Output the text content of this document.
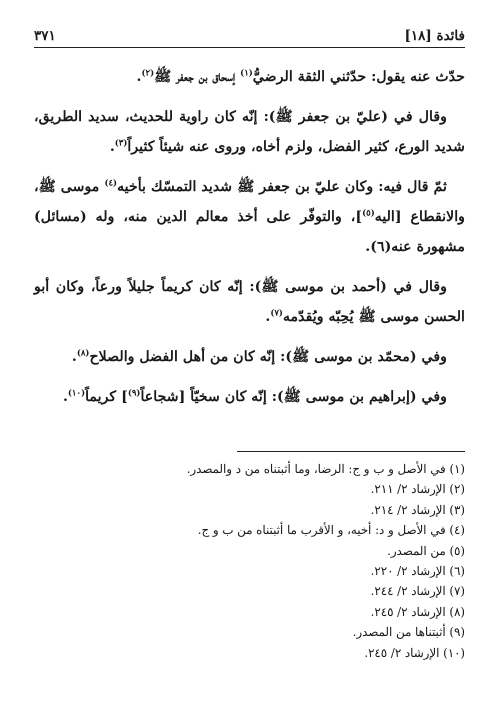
فائدة [١٨]
٣٧١

حدّث عنه يقول: حدّثني الثقة الرضيُّ$^{(١)}$ إسحاق بن جعفر ﷺ$^{(٢)}$.

وقال في (عليّ بن جعفر ﷺ): إنّه كان راوية للحديث، سديد الطريق، شديد الورع، كثير الفضل، ولزم أخاه، وروى عنه شيئاً كثيراً$^{(٣)}$.

ثمّ قال فيه: وكان عليّ بن جعفر ﷺ شديد التمسّك بأخيه$^{(٤)}$ موسى ﷺ، والانقطاع [اليه$^{(٥)}$]، والتوفّر على أخذ معالم الدين منه، وله (مسائل) مشهورة عنه(٦).

وقال في (أحمد بن موسى ﷺ): إنّه كان كريماً جليلاً ورعاً، وكان أبو الحسن موسى ﷺ يُحِبّه ويُقدّمه$^{(٧)}$.

وفي (محمّد بن موسى ﷺ): إنّه كان من أهل الفضل والصلاح$^{(٨)}$.

وفي (إبراهيم بن موسى ﷺ): إنّه كان سخيّاً [شجاعاً$^{(٩)}$] كريماً$^{(١٠)}$.

(١) في الأصل و ب و ج: الرضا، وما أثبتناه من د والمصدر.
(٢) الإرشاد ٢/ ٢١١.
(٣) الإرشاد ٢/ ٢١٤.
(٤) في الأصل و د: أخيه، و الأقرب ما أثبتناه من ب و ج.
(٥) من المصدر.
(٦) الإرشاد ٢/ ٢٢٠.
(٧) الإرشاد ٢/ ٢٤٤.
(٨) الإرشاد ٢/ ٢٤٥.
(٩) أثبتناها من المصدر.
(١٠) الإرشاد ٢/ ٢٤٥.
